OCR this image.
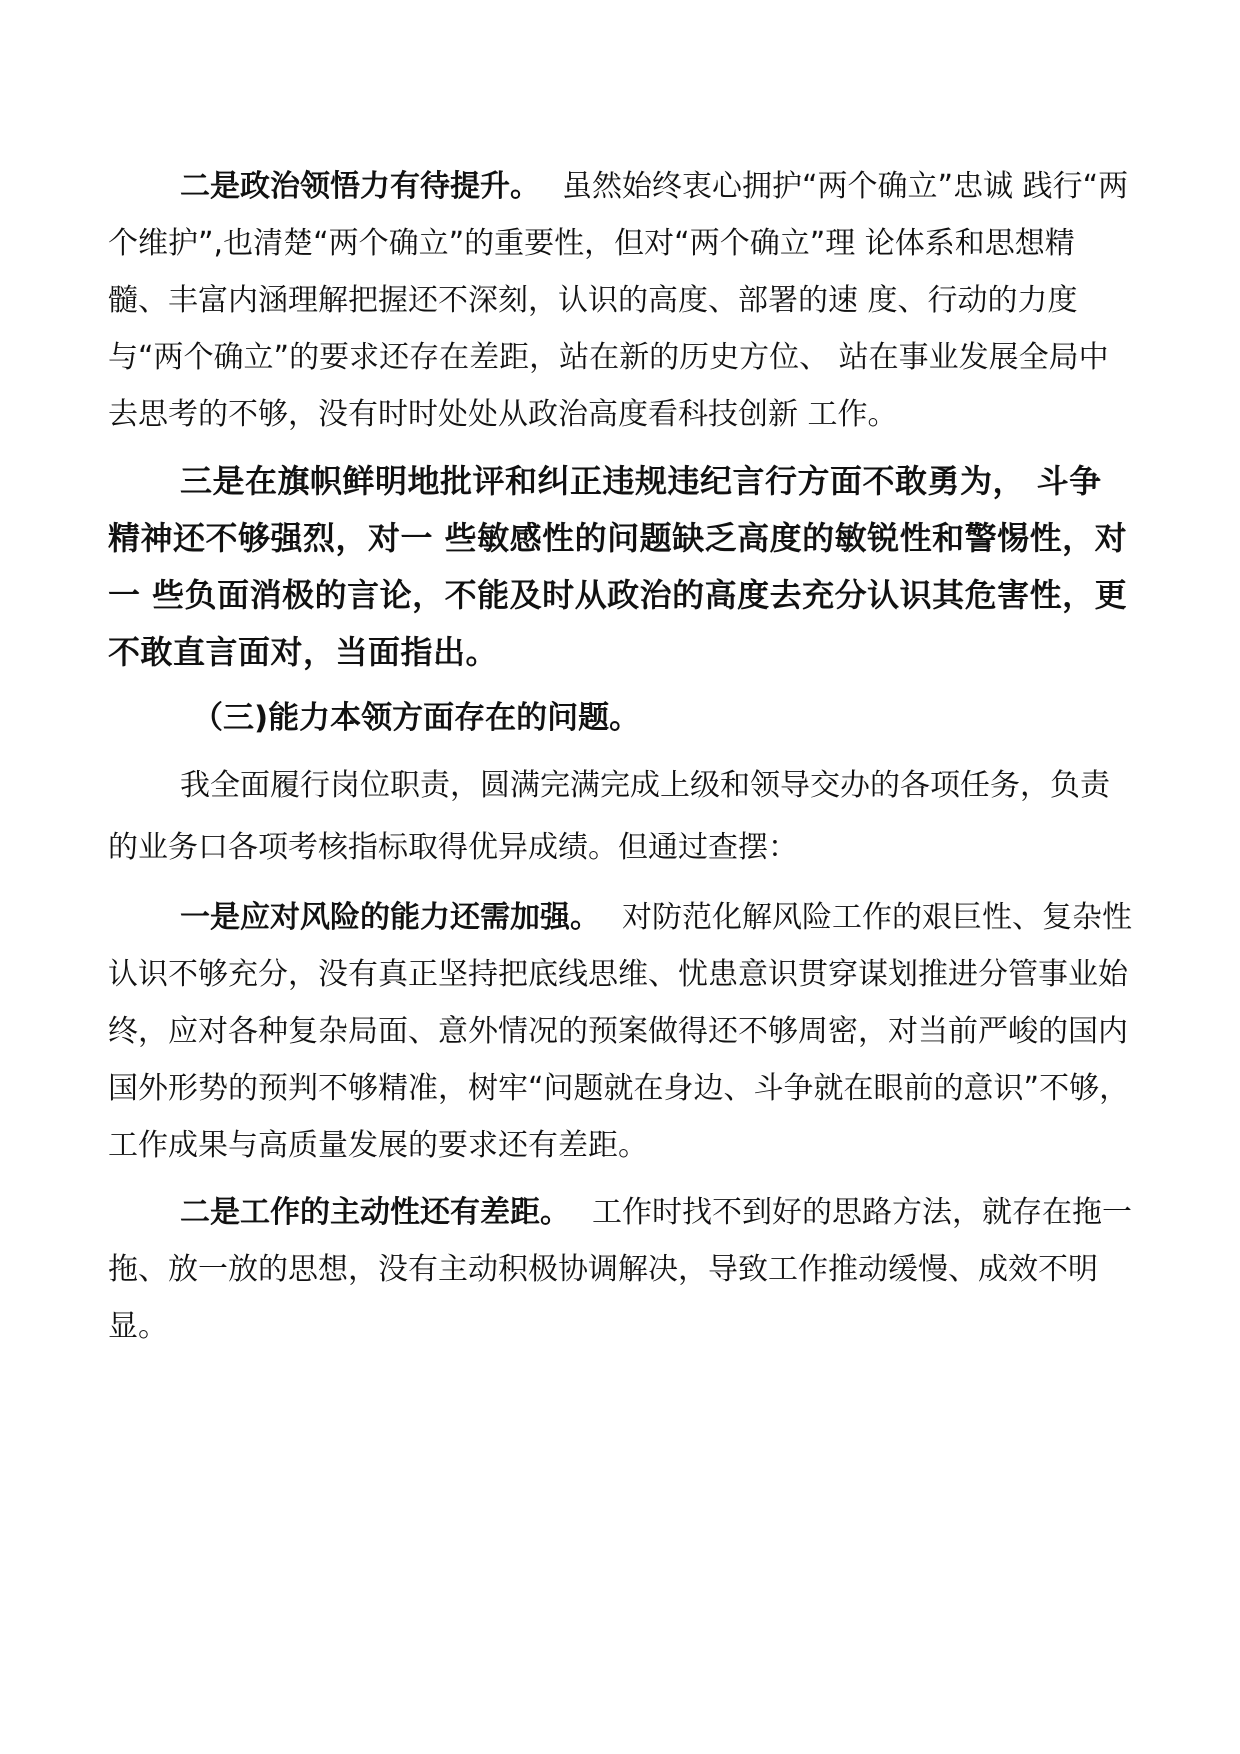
二是政治领悟力有待提升。 虽然始终衷心拥护“两个确立”忠诚 践行“两个维护”,也清楚“两个确立”的重要性，但对“两个确立”理 论体系和思想精髓、丰富内涵理解把握还不深刻，认识的高度、部署的速 度、行动的力度与“两个确立”的要求还存在差距，站在新的历史方位、 站在事业发展全局中去思考的不够，没有时时处处从政治高度看科技创新 工作。

三是在旗帜鲜明地批评和纠正违规违纪言行方面不敢勇为， 斗争精神还不够强烈，对一 些敏感性的问题缺乏高度的敏锐性和警惕性，对一 些负面消极的言论，不能及时从政治的高度去充分认识其危害性，更不敢直言面对，当面指出。

（三)能力本领方面存在的问题。

我全面履行岗位职责，圆满完满完成上级和领导交办的各项任务，负责的业务口各项考核指标取得优异成绩。但通过查摆：

一是应对风险的能力还需加强。 对防范化解风险工作的艰巨性、复杂性认识不够充分，没有真正坚持把底线思维、忧患意识贯穿谋划推进分管事业始终，应对各种复杂局面、意外情况的预案做得还不够周密，对当前严峻的国内国外形势的预判不够精准，树牢“问题就在身边、斗争就在眼前的意识”不够，工作成果与高质量发展的要求还有差距。

二是工作的主动性还有差距。 工作时找不到好的思路方法，就存在拖一拖、放一放的思想，没有主动积极协调解决，导致工作推动缓慢、成效不明显。
